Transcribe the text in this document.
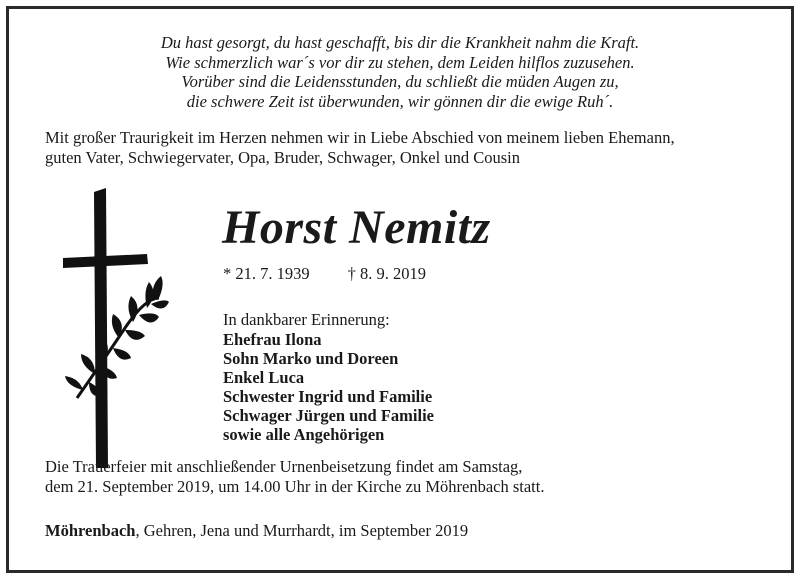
Du hast gesorgt, du hast geschafft, bis dir die Krankheit nahm die Kraft.
Wie schmerzlich war´s vor dir zu stehen, dem Leiden hilflos zuzusehen.
Vorüber sind die Leidensstunden, du schließt die müden Augen zu,
die schwere Zeit ist überwunden, wir gönnen dir die ewige Ruh´.
Mit großer Traurigkeit im Herzen nehmen wir in Liebe Abschied von meinem lieben Ehemann,
guten Vater, Schwiegervater, Opa, Bruder, Schwager, Onkel und Cousin
Horst Nemitz
* 21. 7. 1939 † 8. 9. 2019
In dankbarer Erinnerung:
Ehefrau Ilona
Sohn Marko und Doreen
Enkel Luca
Schwester Ingrid und Familie
Schwager Jürgen und Familie
sowie alle Angehörigen
Die Trauerfeier mit anschließender Urnenbeisetzung findet am Samstag,
dem 21. September 2019, um 14.00 Uhr in der Kirche zu Möhrenbach statt.
Möhrenbach, Gehren, Jena und Murrhardt, im September 2019
